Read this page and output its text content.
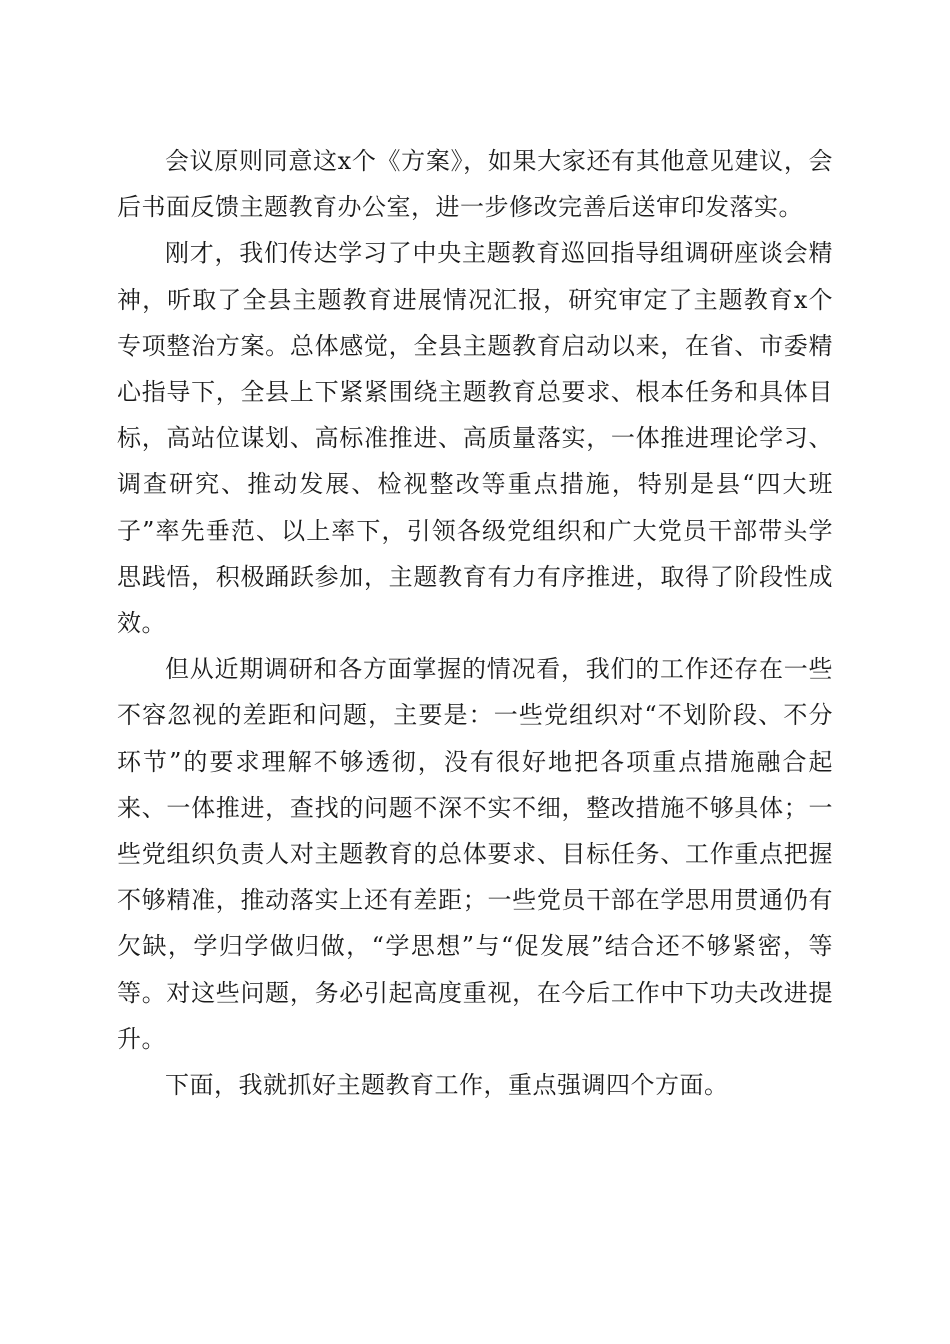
会议原则同意这x个《方案》，如果大家还有其他意见建议，会后书面反馈主题教育办公室，进一步修改完善后送审印发落实。

刚才，我们传达学习了中央主题教育巡回指导组调研座谈会精神，听取了全县主题教育进展情况汇报，研究审定了主题教育x个专项整治方案。总体感觉，全县主题教育启动以来，在省、市委精心指导下，全县上下紧紧围绕主题教育总要求、根本任务和具体目标，高站位谋划、高标准推进、高质量落实，一体推进理论学习、调查研究、推动发展、检视整改等重点措施，特别是县“四大班子”率先垂范、以上率下，引领各级党组织和广大党员干部带头学思践悟，积极踊跃参加，主题教育有力有序推进，取得了阶段性成效。

但从近期调研和各方面掌握的情况看，我们的工作还存在一些不容忽视的差距和问题，主要是：一些党组织对“不划阶段、不分环节”的要求理解不够透彻，没有很好地把各项重点措施融合起来、一体推进，查找的问题不深不实不细，整改措施不够具体；一些党组织负责人对主题教育的总体要求、目标任务、工作重点把握不够精准，推动落实上还有差距；一些党员干部在学思用贯通仍有欠缺，学归学做归做，“学思想”与“促发展”结合还不够紧密，等等。对这些问题，务必引起高度重视，在今后工作中下功夫改进提升。

下面，我就抓好主题教育工作，重点强调四个方面。
